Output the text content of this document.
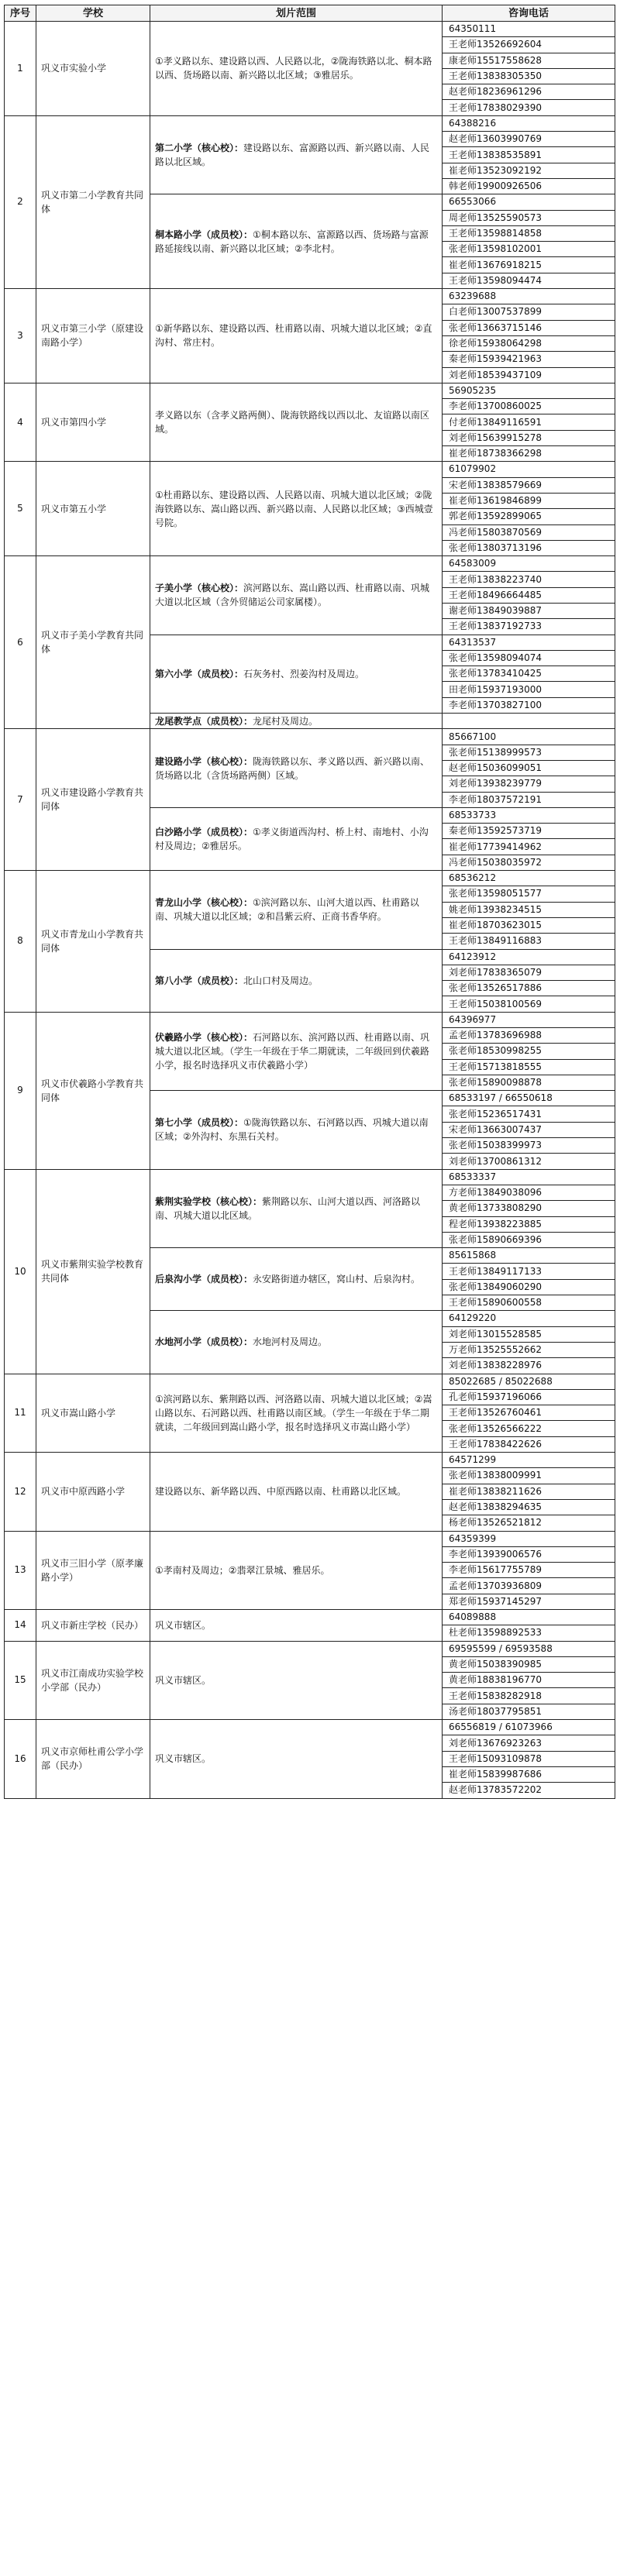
序号	学校	划片范围	咨询电话
1	巩义市实验小学	①孝义路以东、建设路以西、人民路以北，②陇海铁路以北、桐本路以西、货场路以南、新兴路以北区域；③雅居乐。	64350111
			王老师13526692604
			康老师15517558628
			王老师13838305350
			赵老师18236961296
			王老师17838029390
2	巩义市第二小学教育共同体	第二小学（核心校）：建设路以东、富源路以西、新兴路以南、人民路以北区域。	64388216
			赵老师13603990769
			王老师13838535891
			崔老师13523092192
			韩老师19900926506
		桐本路小学（成员校）：①桐本路以东、富源路以西、货场路与富源路延接线以南、新兴路以北区域；②李北村。	66553066
			周老师13525590573
			王老师13598814858
			张老师13598102001
			崔老师13676918215
			王老师13598094474
3	巩义市第三小学（原建设南路小学）	①新华路以东、建设路以西、杜甫路以南、巩城大道以北区域；②直沟村、常庄村。	63239688
			白老师13007537899
			张老师13663715146
			徐老师15938064298
			秦老师15939421963
			刘老师18539437109
4	巩义市第四小学	孝义路以东（含孝义路两侧）、陇海铁路线以西以北、友谊路以南区域。	56905235
			李老师13700860025
			付老师13849116591
			刘老师15639915278
			崔老师18738366298
5	巩义市第五小学	①杜甫路以东、建设路以西、人民路以南、巩城大道以北区域；②陇海铁路以东、嵩山路以西、新兴路以南、人民路以北区域；③西城壹号院。	61079902
			宋老师13838579669
			崔老师13619846899
			郭老师13592899065
			冯老师15803870569
			张老师13803713196
6	巩义市子美小学教育共同体	子美小学（核心校）：滨河路以东、嵩山路以西、杜甫路以南、巩城大道以北区域（含外贸储运公司家属楼）。	64583009
			王老师13838223740
			王老师18496664485
			谢老师13849039887
			王老师13837192733
		第六小学（成员校）：石灰务村、烈姜沟村及周边。	64313537
			张老师13598094074
			张老师13783410425
			田老师15937193000
			李老师13703827100
		龙尾教学点（成员校）：龙尾村及周边。	
7	巩义市建设路小学教育共同体	建设路小学（核心校）：陇海铁路以东、孝义路以西、新兴路以南、货场路以北（含货场路两侧）区域。	85667100
			张老师15138999573
			赵老师15036099051
			刘老师13938239779
			李老师18037572191
		白沙路小学（成员校）：①孝义街道西沟村、桥上村、南地村、小沟村及周边；②雅居乐。	68533733
			秦老师13592573719
			崔老师17739414962
			冯老师15038035972
8	巩义市青龙山小学教育共同体	青龙山小学（核心校）：①滨河路以东、山河大道以西、杜甫路以南、巩城大道以北区域；②和昌紫云府、正商书香华府。	68536212
			张老师13598051577
			姚老师13938234515
			崔老师18703623015
			王老师13849116883
		第八小学（成员校）：北山口村及周边。	64123912
			刘老师17838365079
			张老师13526517886
			王老师15038100569
9	巩义市伏羲路小学教育共同体	伏羲路小学（核心校）：石河路以东、滨河路以西、杜甫路以南、巩城大道以北区域。（学生一年级在于华二期就读，二年级回到伏羲路小学，报名时选择巩义市伏羲路小学）	64396977
			孟老师13783696988
			张老师18530998255
			王老师15713818555
			张老师15890098878
		第七小学（成员校）：①陇海铁路以东、石河路以西、巩城大道以南区域；②外沟村、东黑石关村。	68533197 / 66550618
			张老师15236517431
			宋老师13663007437
			张老师15038399973
			刘老师13700861312
10	巩义市紫荆实验学校教育共同体	紫荆实验学校（核心校）：紫荆路以东、山河大道以西、河洛路以南、巩城大道以北区域。	68533337
			方老师13849038096
			黄老师13733808290
			程老师13938223885
			张老师15890669396
		后泉沟小学（成员校）：永安路街道办辖区，窝山村、后泉沟村。	85615868
			王老师13849117133
			张老师13849060290
			王老师15890600558
		水地河小学（成员校）：水地河村及周边。	64129220
			刘老师13015528585
			万老师13525552662
			刘老师13838228976
11	巩义市嵩山路小学	①滨河路以东、紫荆路以西、河洛路以南、巩城大道以北区域；②嵩山路以东、石河路以西、杜甫路以南区域。（学生一年级在于华二期就读，二年级回到嵩山路小学，报名时选择巩义市嵩山路小学）	85022685 / 85022688
			孔老师15937196066
			王老师13526760461
			张老师13526566222
			王老师17838422626
12	巩义市中原西路小学	建设路以东、新华路以西、中原西路以南、杜甫路以北区域。	64571299
			张老师13838009991
			崔老师13838211626
			赵老师13838294635
			杨老师13526521812
13	巩义市三旧小学（原孝廉路小学）	①孝南村及周边；②翡翠江景城、雅居乐。	64359399
			李老师13939006576
			李老师15617755789
			孟老师13703936809
			郑老师15937145297
14	巩义市新庄学校（民办）	巩义市辖区。	64089888
			杜老师13598892533
15	巩义市江南成功实验学校小学部（民办）	巩义市辖区。	69595599 / 69593588
			黄老师15038390985
			黄老师18838196770
			王老师15838282918
			汤老师18037795851
16	巩义市京师杜甫公学小学部（民办）	巩义市辖区。	66556819 / 61073966
			刘老师13676923263
			王老师15093109878
			崔老师15839987686
			赵老师13783572202
